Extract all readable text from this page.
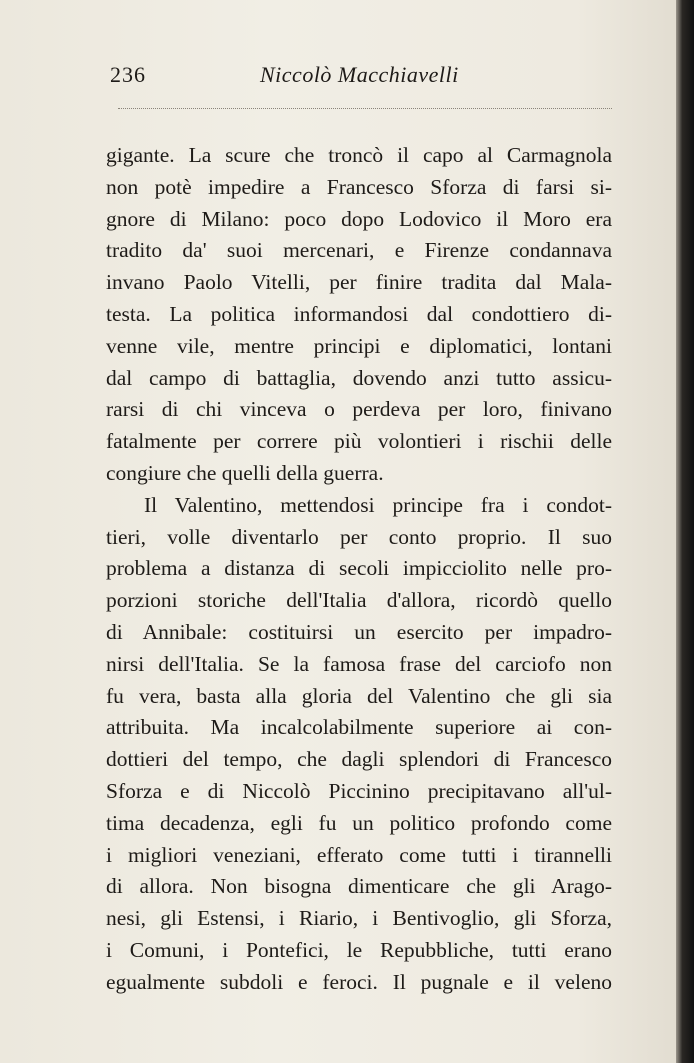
236	Niccolò Macchiavelli
gigante. La scure che troncò il capo al Carmagnola
non potè impedire a Francesco Sforza di farsi si-
gnore di Milano: poco dopo Lodovico il Moro era
tradito da' suoi mercenari, e Firenze condannava
invano Paolo Vitelli, per finire tradita dal Mala-
testa. La politica informandosi dal condottiero di-
venne vile, mentre principi e diplomatici, lontani
dal campo di battaglia, dovendo anzi tutto assicu-
rarsi di chi vinceva o perdeva per loro, finivano
fatalmente per correre più volontieri i rischii delle
congiure che quelli della guerra.
Il Valentino, mettendosi principe fra i condot-
tieri, volle diventarlo per conto proprio. Il suo
problema a distanza di secoli impicciolito nelle pro-
porzioni storiche dell'Italia d'allora, ricordò quello
di Annibale: costituirsi un esercito per impadro-
nirsi dell'Italia. Se la famosa frase del carciofo non
fu vera, basta alla gloria del Valentino che gli sia
attribuita. Ma incalcolabilmente superiore ai con-
dottieri del tempo, che dagli splendori di Francesco
Sforza e di Niccolò Piccinino precipitavano all'ul-
tima decadenza, egli fu un politico profondo come
i migliori veneziani, efferato come tutti i tirannelli
di allora. Non bisogna dimenticare che gli Arago-
nesi, gli Estensi, i Riario, i Bentivoglio, gli Sforza,
i Comuni, i Pontefici, le Repubbliche, tutti erano
egualmente subdoli e feroci. Il pugnale e il veleno
